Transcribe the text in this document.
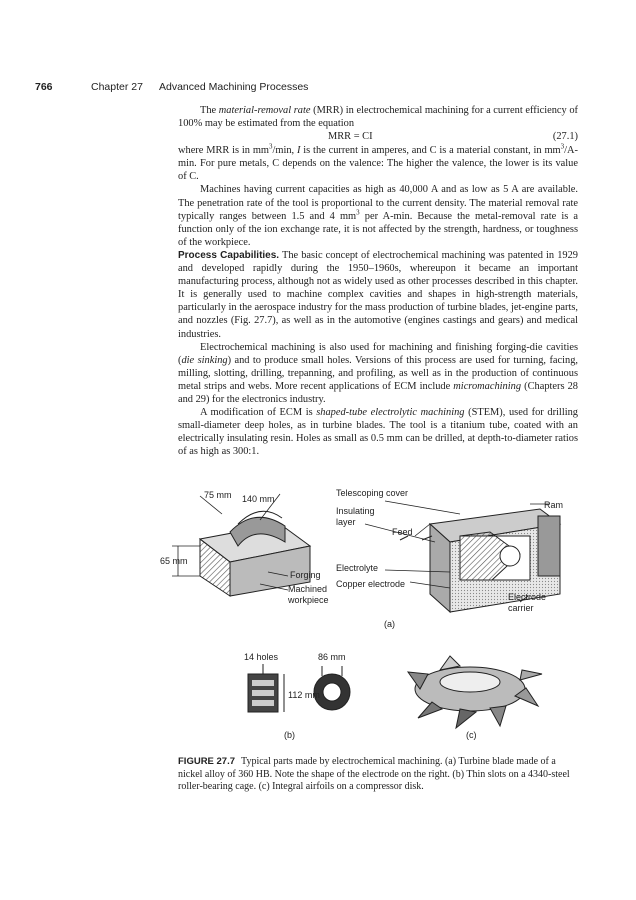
766	Chapter 27 Advanced Machining Processes

The material-removal rate (MRR) in electrochemical machining for a current efficiency of 100% may be estimated from the equation

MRR = CI	(27.1)

where MRR is in $mm^3/\min$, I is the current in amperes, and C is a material constant, in $mm^3/A-\min$. For pure metals, C depends on the valence: The higher the valence, the lower is its value of C.

Machines having current capacities as high as 40,000 A and as low as 5 A are available. The penetration rate of the tool is proportional to the current density. The material removal rate typically ranges between 1.5 and 4 $mm^3$ per A-min. Because the metal-removal rate is a function only of the ion exchange rate, it is not affected by the strength, hardness, or toughness of the workpiece.

Process Capabilities. The basic concept of electrochemical machining was patented in 1929 and developed rapidly during the 1950–1960s, whereupon it became an important manufacturing process, although not as widely used as other processes described in this chapter. It is generally used to machine complex cavities and shapes in high-strength materials, particularly in the aerospace industry for the mass production of turbine blades, jet-engine parts, and nozzles (Fig. 27.7), as well as in the automotive (engines castings and gears) and medical industries.

Electrochemical machining is also used for machining and finishing forging-die cavities (die sinking) and to produce small holes. Versions of this process are used for turning, facing, milling, slotting, drilling, trepanning, and profiling, as well as in the production of continuous metal strips and webs. More recent applications of ECM include micromachining (Chapters 28 and 29) for the electronics industry.

A modification of ECM is shaped-tube electrolytic machining (STEM), used for drilling small-diameter deep holes, as in turbine blades. The tool is a titanium tube, coated with an electrically insulating resin. Holes as small as 0.5 mm can be drilled, at depth-to-diameter ratios of as high as 300:1.

75 mm 140 mm
65 mm
Forging
Machined
workpiece
Telescoping cover
Insulating
layer
Feed
Ram
Electrolyte
Copper electrode
Electrode
carrier
(a)
14 holes	86 mm
112 mm
(b)	(c)
FIGURE 27.7 Typical parts made by electrochemical machining. (a) Turbine blade made of a nickel alloy of 360 HB. Note the shape of the electrode on the right. (b) Thin slots on a 4340-steel roller-bearing cage. (c) Integral airfoils on a compressor disk.
